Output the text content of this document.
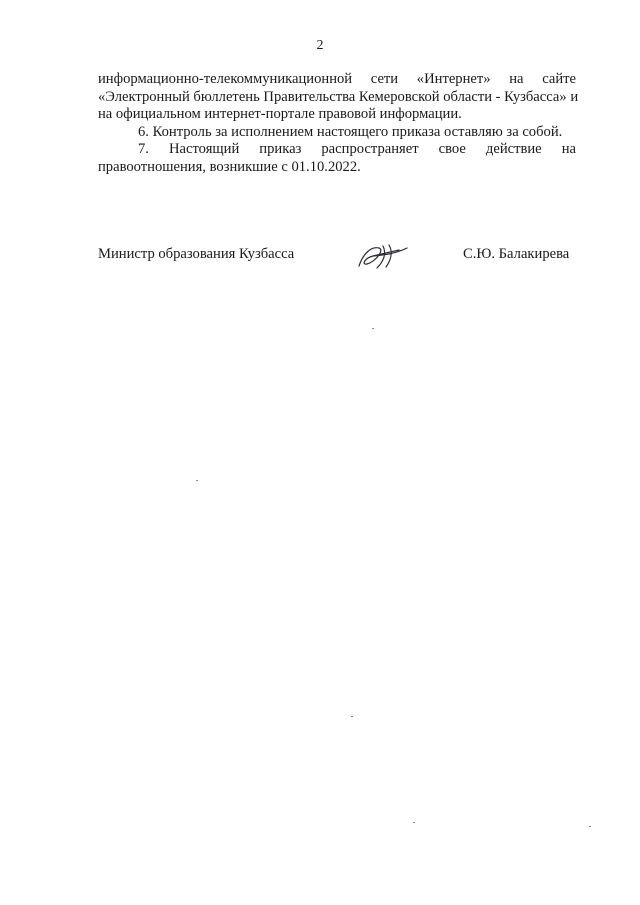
2
информационно-телекоммуникационной сети «Интернет» на сайте
«Электронный бюллетень Правительства Кемеровской области - Кузбасса» и
на официальном интернет-портале правовой информации.
6. Контроль за исполнением настоящего приказа оставляю за собой.
7. Настоящий приказ распространяет свое действие на
правоотношения, возникшие с 01.10.2022.
Министр образования Кузбасса	С.Ю. Балакирева
